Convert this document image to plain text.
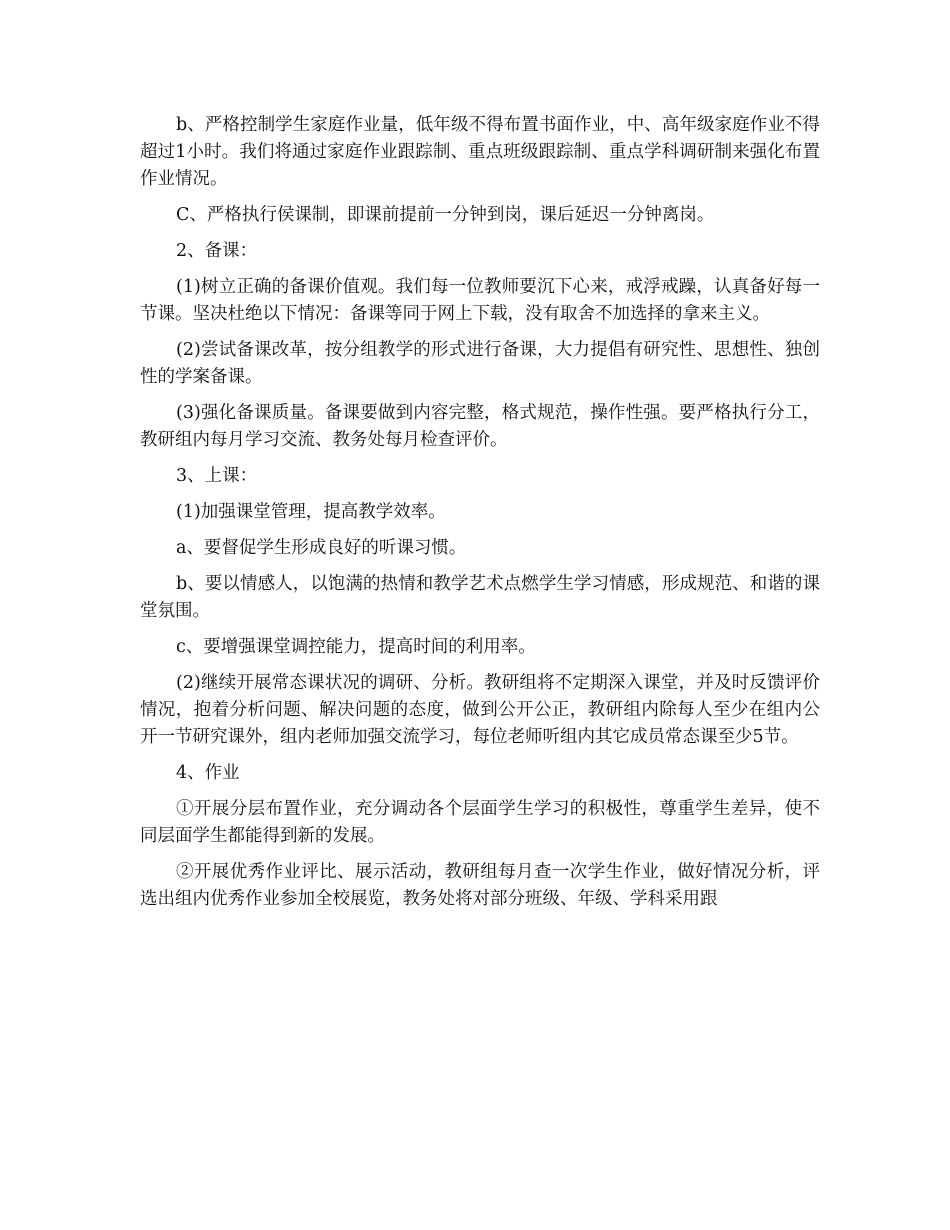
b、严格控制学生家庭作业量，低年级不得布置书面作业，中、高年级家庭作业不得超过1小时。我们将通过家庭作业跟踪制、重点班级跟踪制、重点学科调研制来强化布置作业情况。

C、严格执行侯课制，即课前提前一分钟到岗，课后延迟一分钟离岗。

2、备课：

(1)树立正确的备课价值观。我们每一位教师要沉下心来，戒浮戒躁，认真备好每一节课。坚决杜绝以下情况：备课等同于网上下载，没有取舍不加选择的拿来主义。

(2)尝试备课改革，按分组教学的形式进行备课，大力提倡有研究性、思想性、独创性的学案备课。

(3)强化备课质量。备课要做到内容完整，格式规范，操作性强。要严格执行分工，教研组内每月学习交流、教务处每月检查评价。

3、上课：

(1)加强课堂管理，提高教学效率。

a、要督促学生形成良好的听课习惯。

b、要以情感人，以饱满的热情和教学艺术点燃学生学习情感，形成规范、和谐的课堂氛围。

c、要增强课堂调控能力，提高时间的利用率。

(2)继续开展常态课状况的调研、分析。教研组将不定期深入课堂，并及时反馈评价情况，抱着分析问题、解决问题的态度，做到公开公正，教研组内除每人至少在组内公开一节研究课外，组内老师加强交流学习，每位老师听组内其它成员常态课至少5节。

4、作业

①开展分层布置作业，充分调动各个层面学生学习的积极性，尊重学生差异，使不同层面学生都能得到新的发展。

②开展优秀作业评比、展示活动，教研组每月查一次学生作业，做好情况分析，评选出组内优秀作业参加全校展览，教务处将对部分班级、年级、学科采用跟
